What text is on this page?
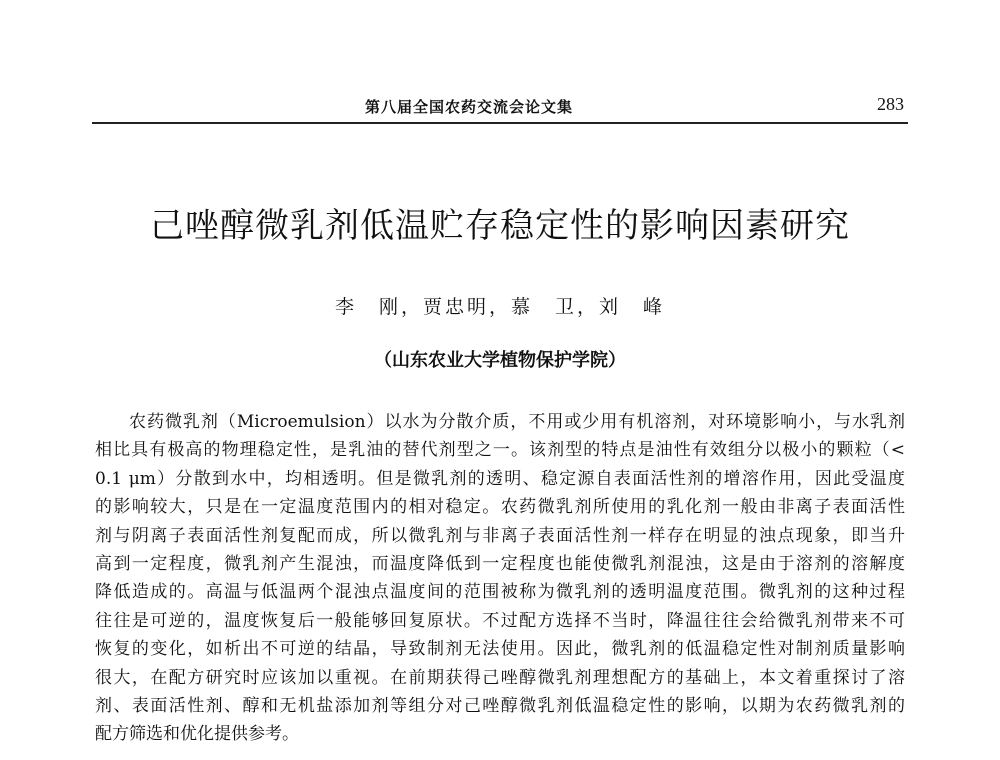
第八届全国农药交流会论文集	283
己唑醇微乳剂低温贮存稳定性的影响因素研究
李　刚，贾忠明，慕　卫，刘　峰
（山东农业大学植物保护学院）
农药微乳剂（Microemulsion）以水为分散介质，不用或少用有机溶剂，对环境影响小，与水乳剂
相比具有极高的物理稳定性，是乳油的替代剂型之一。该剂型的特点是油性有效组分以极小的颗粒（<
0.1 μm）分散到水中，均相透明。但是微乳剂的透明、稳定源自表面活性剂的增溶作用，因此受温度
的影响较大，只是在一定温度范围内的相对稳定。农药微乳剂所使用的乳化剂一般由非离子表面活性
剂与阴离子表面活性剂复配而成，所以微乳剂与非离子表面活性剂一样存在明显的浊点现象，即当升
高到一定程度，微乳剂产生混浊，而温度降低到一定程度也能使微乳剂混浊，这是由于溶剂的溶解度
降低造成的。高温与低温两个混浊点温度间的范围被称为微乳剂的透明温度范围。微乳剂的这种过程
往往是可逆的，温度恢复后一般能够回复原状。不过配方选择不当时，降温往往会给微乳剂带来不可
恢复的变化，如析出不可逆的结晶，导致制剂无法使用。因此，微乳剂的低温稳定性对制剂质量影响
很大，在配方研究时应该加以重视。在前期获得己唑醇微乳剂理想配方的基础上，本文着重探讨了溶
剂、表面活性剂、醇和无机盐添加剂等组分对己唑醇微乳剂低温稳定性的影响，以期为农药微乳剂的
配方筛选和优化提供参考。
